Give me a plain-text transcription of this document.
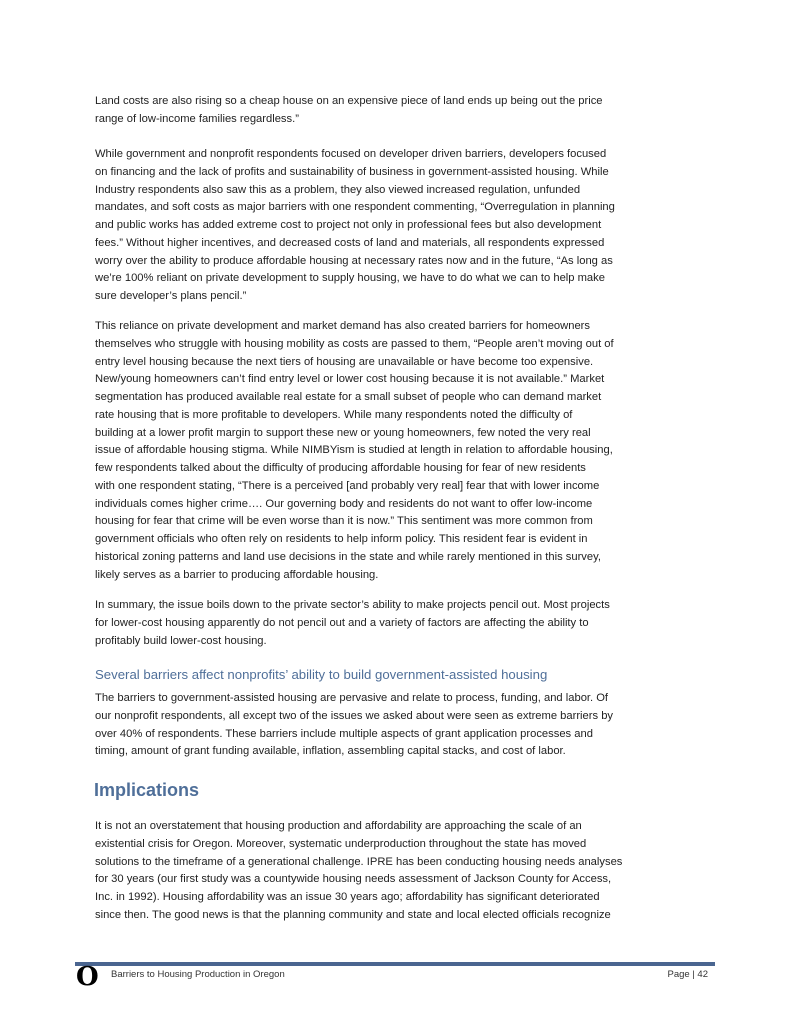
Land costs are also rising so a cheap house on an expensive piece of land ends up being out the price
range of low-income families regardless.”
While government and nonprofit respondents focused on developer driven barriers, developers focused
on financing and the lack of profits and sustainability of business in government-assisted housing. While
Industry respondents also saw this as a problem, they also viewed increased regulation, unfunded
mandates, and soft costs as major barriers with one respondent commenting, “Overregulation in planning
and public works has added extreme cost to project not only in professional fees but also development
fees.” Without higher incentives, and decreased costs of land and materials, all respondents expressed
worry over the ability to produce affordable housing at necessary rates now and in the future, “As long as
we’re 100% reliant on private development to supply housing, we have to do what we can to help make
sure developer’s plans pencil.”
This reliance on private development and market demand has also created barriers for homeowners
themselves who struggle with housing mobility as costs are passed to them, “People aren’t moving out of
entry level housing because the next tiers of housing are unavailable or have become too expensive.
New/young homeowners can’t find entry level or lower cost housing because it is not available.” Market
segmentation has produced available real estate for a small subset of people who can demand market
rate housing that is more profitable to developers. While many respondents noted the difficulty of
building at a lower profit margin to support these new or young homeowners, few noted the very real
issue of affordable housing stigma. While NIMBYism is studied at length in relation to affordable housing,
few respondents talked about the difficulty of producing affordable housing for fear of new residents
with one respondent stating, “There is a perceived [and probably very real] fear that with lower income
individuals comes higher crime…. Our governing body and residents do not want to offer low-income
housing for fear that crime will be even worse than it is now.” This sentiment was more common from
government officials who often rely on residents to help inform policy. This resident fear is evident in
historical zoning patterns and land use decisions in the state and while rarely mentioned in this survey,
likely serves as a barrier to producing affordable housing.
In summary, the issue boils down to the private sector’s ability to make projects pencil out. Most projects
for lower-cost housing apparently do not pencil out and a variety of factors are affecting the ability to
profitably build lower-cost housing.
Several barriers affect nonprofits’ ability to build government-assisted housing
The barriers to government-assisted housing are pervasive and relate to process, funding, and labor. Of
our nonprofit respondents, all except two of the issues we asked about were seen as extreme barriers by
over 40% of respondents. These barriers include multiple aspects of grant application processes and
timing, amount of grant funding available, inflation, assembling capital stacks, and cost of labor.
Implications
It is not an overstatement that housing production and affordability are approaching the scale of an
existential crisis for Oregon. Moreover, systematic underproduction throughout the state has moved
solutions to the timeframe of a generational challenge. IPRE has been conducting housing needs analyses
for 30 years (our first study was a countywide housing needs assessment of Jackson County for Access,
Inc. in 1992). Housing affordability was an issue 30 years ago; affordability has significant deteriorated
since then. The good news is that the planning community and state and local elected officials recognize
O Barriers to Housing Production in Oregon	Page | 42
